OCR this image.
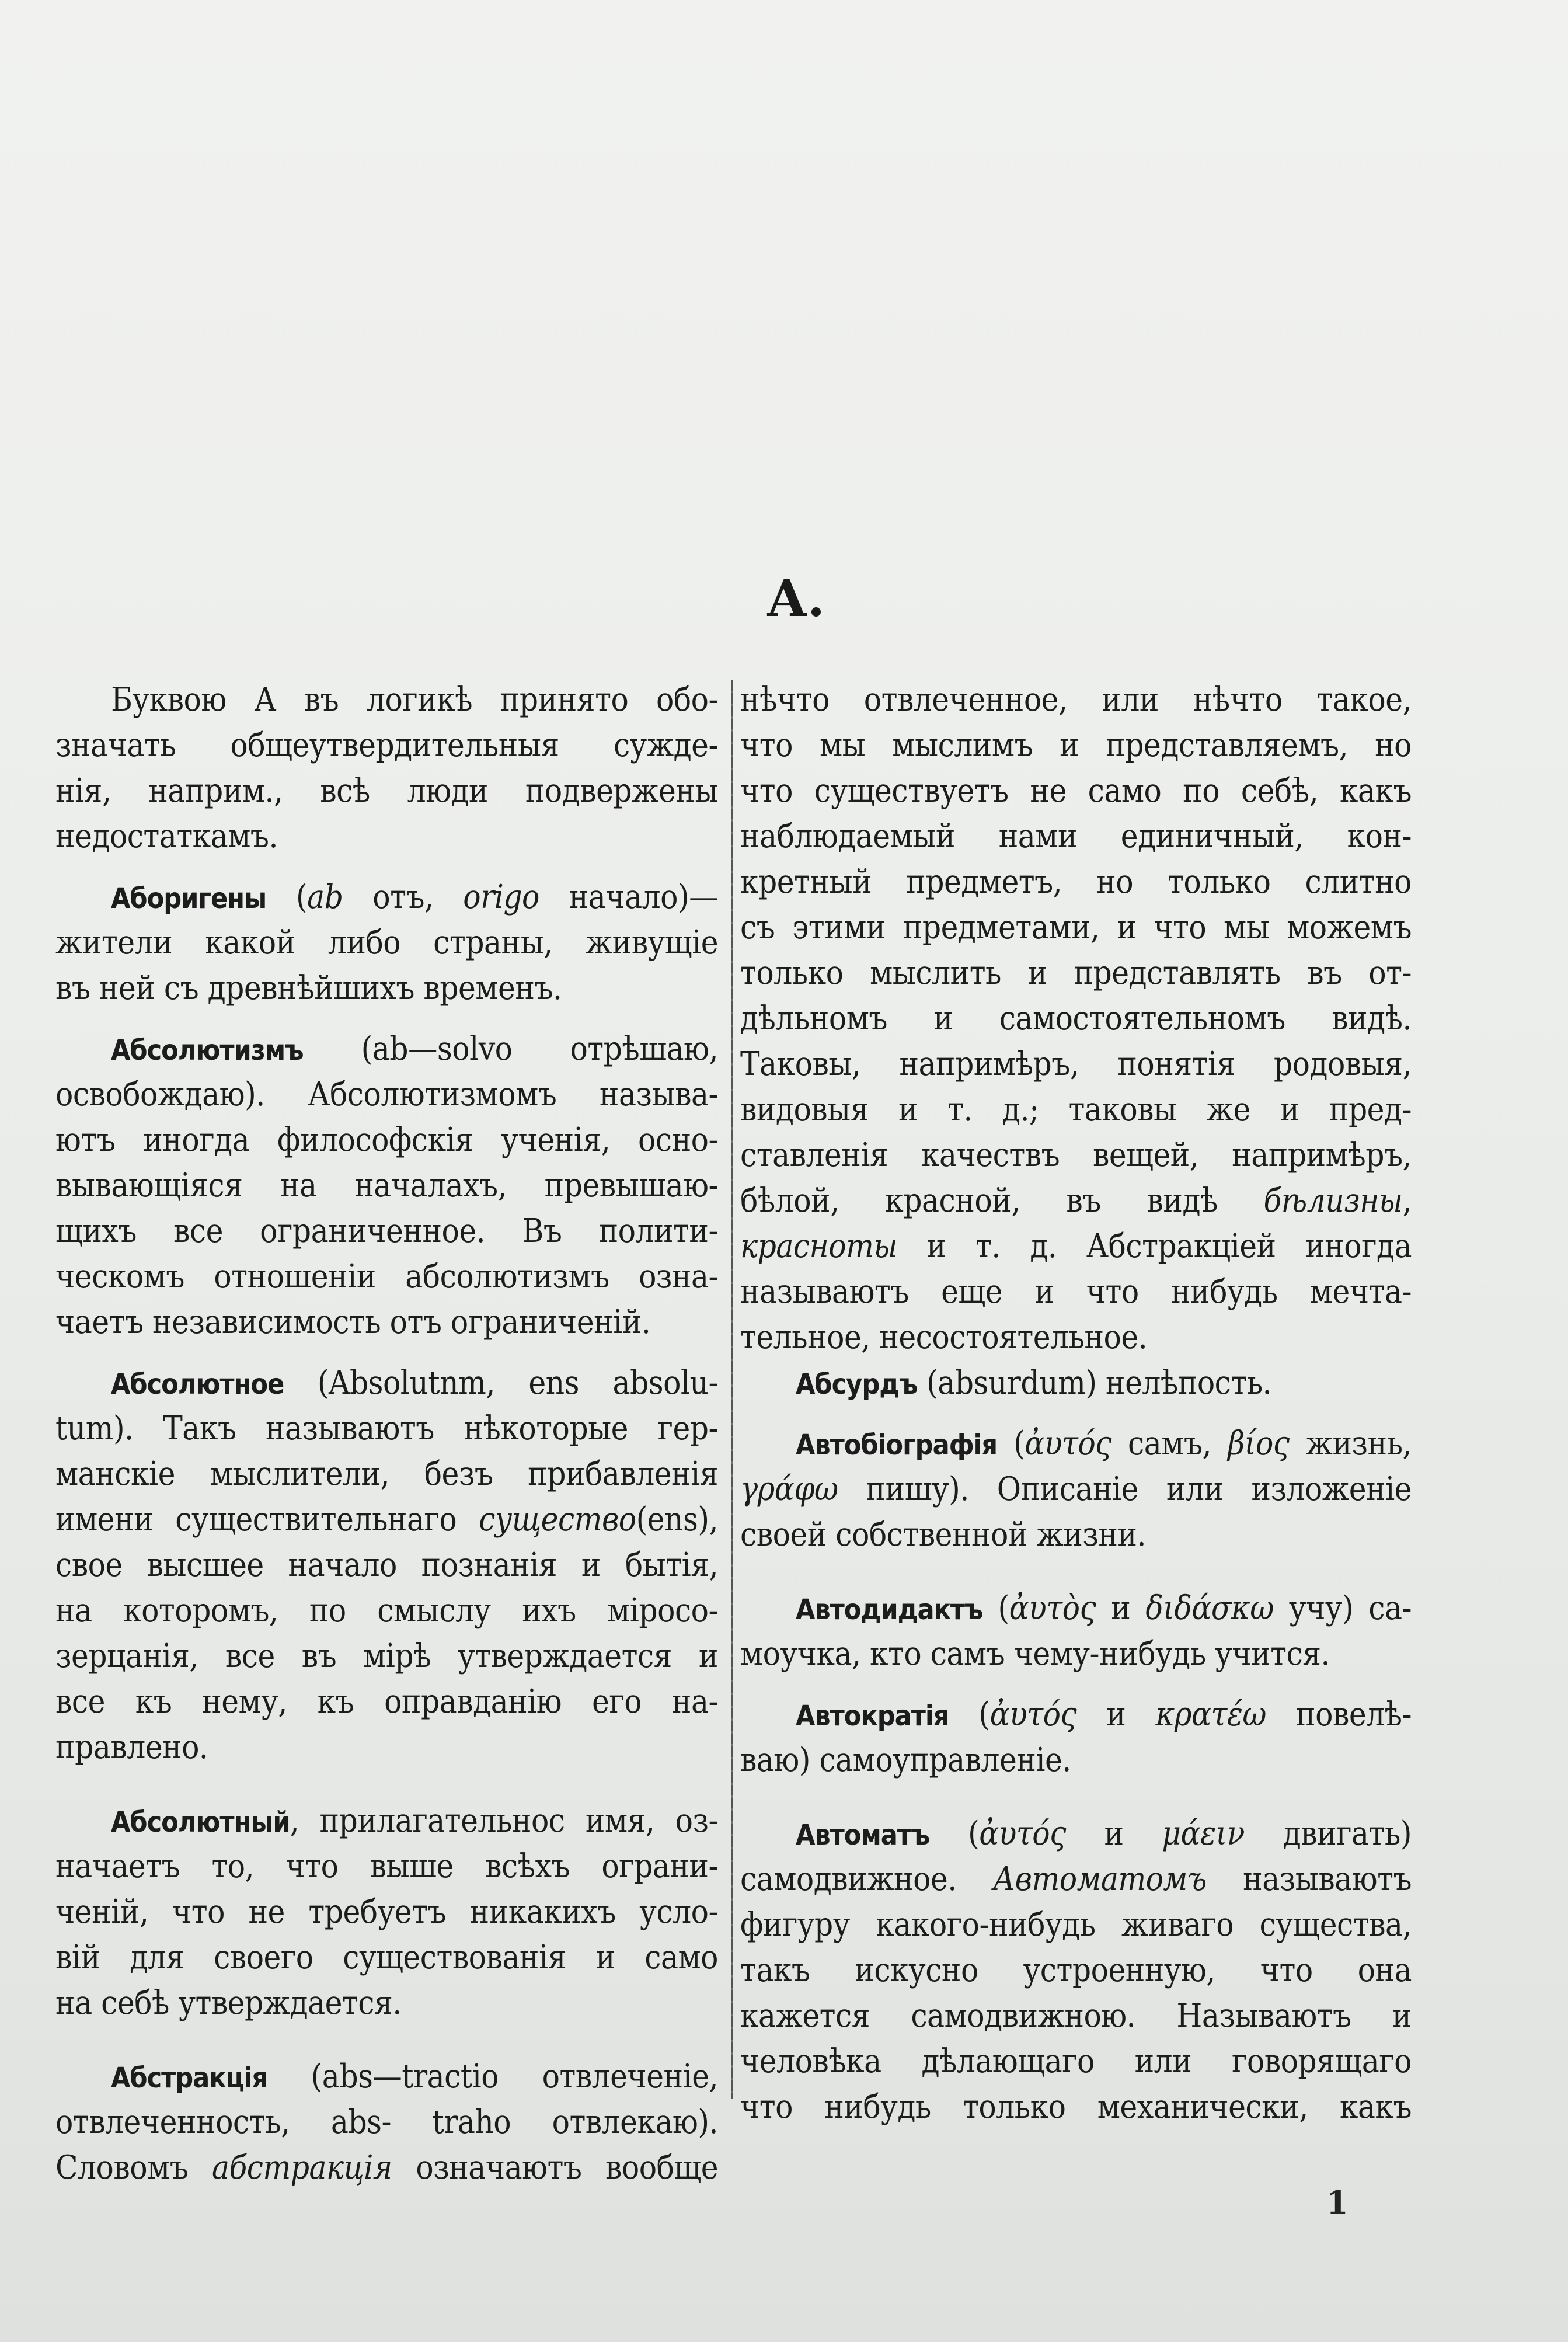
А.
Буквою А въ логикѣ принято обо-
значать общеутвердительныя сужде-
нія, наприм., всѣ люди подвержены
недостаткамъ.
Аборигены (ab отъ, origo начало)—
жители какой либо страны, живущіе
въ ней съ древнѣйшихъ временъ.
Абсолютизмъ (ab—solvo отрѣшаю,
освобождаю). Абсолютизмомъ называ-
ютъ иногда философскія ученія, осно-
вывающіяся на началахъ, превышаю-
щихъ все ограниченное. Въ полити-
ческомъ отношеніи абсолютизмъ озна-
чаетъ независимость отъ ограниченій.
Абсолютное (Absolutnm, ens absolu-
tum). Такъ называютъ нѣкоторые гер-
манскіе мыслители, безъ прибавленія
имени существительнаго существо(ens),
свое высшее начало познанія и бытія,
на которомъ, по смыслу ихъ міросо-
зерцанія, все въ мірѣ утверждается и
все къ нему, къ оправданію его на-
правлено.
Абсолютный, прилагательнос имя, оз-
начаетъ то, что выше всѣхъ ограни-
ченій, что не требуетъ никакихъ усло-
вій для своего существованія и само
на себѣ утверждается.
Абстракція (abs—tractio отвлеченіе,
отвлеченность, abs- traho отвлекаю).
Словомъ абстракція означаютъ вообще
нѣчто отвлеченное, или нѣчто такое,
что мы мыслимъ и представляемъ, но
что существуетъ не само по себѣ, какъ
наблюдаемый нами единичный, кон-
кретный предметъ, но только слитно
съ этими предметами, и что мы можемъ
только мыслить и представлять въ от-
дѣльномъ и самостоятельномъ видѣ.
Таковы, напримѣръ, понятія родовыя,
видовыя и т. д.; таковы же и пред-
ставленія качествъ вещей, напримѣръ,
бѣлой, красной, въ видѣ бѣлизны,
красноты и т. д. Абстракціей иногда
называютъ еще и что нибудь мечта-
тельное, несостоятельное.
Абсурдъ (absurdum) нелѣпость.
Автобіографія (ἀυτός самъ, βίος жизнь,
γράφω пишу). Описаніе или изложеніе
своей собственной жизни.
Автодидактъ (ἀυτὸς и διδάσκω учу) са-
моучка, кто самъ чему-нибудь учится.
Автократія (ἀυτός и κρατέω повелѣ-
ваю) самоуправленіе.
Автоматъ (ἀυτός и μάειν двигать)
самодвижное. Автоматомъ называютъ
фигуру какого-нибудь живаго существа,
такъ искусно устроенную, что она
кажется самодвижною. Называютъ и
человѣка дѣлающаго или говорящаго
что нибудь только механически, какъ
1
